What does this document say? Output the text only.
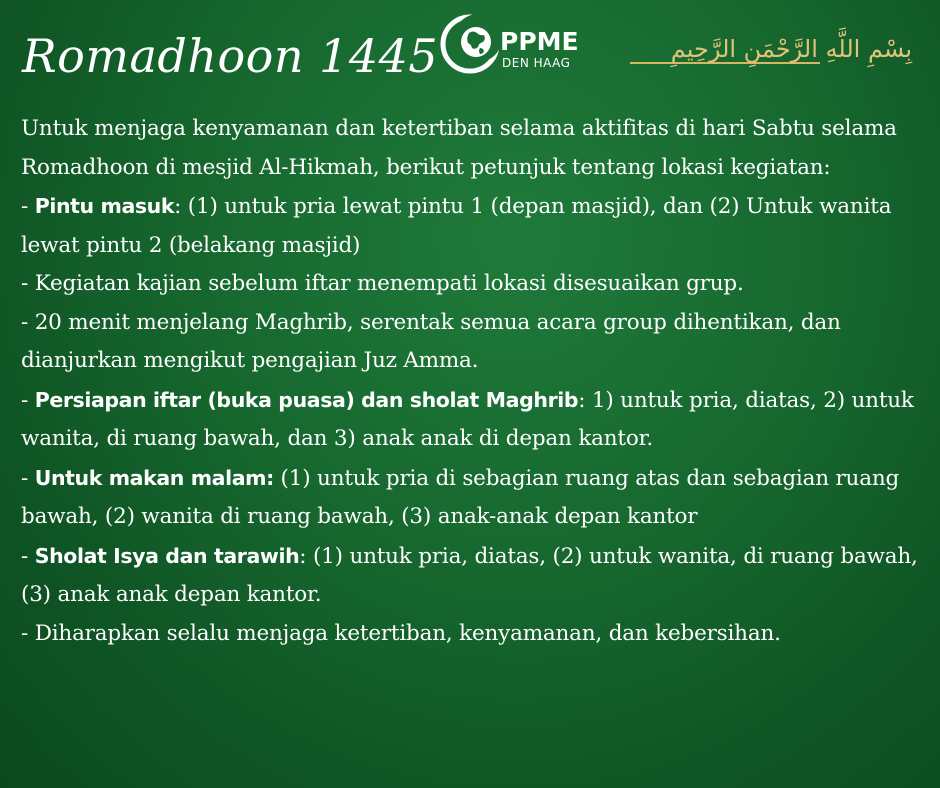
Romadhoon 1445 PPME
DEN HAAG	بِسْمِ اللَّهِ الرَّحْمَنِ الرَّحِيمِ

Untuk menjaga kenyamanan dan ketertiban selama aktifitas di hari Sabtu selama Romadhoon di mesjid Al-Hikmah, berikut petunjuk tentang lokasi kegiatan:

- Pintu masuk: (1) untuk pria lewat pintu 1 (depan masjid), dan (2) Untuk wanita lewat pintu 2 (belakang masjid)

- Kegiatan kajian sebelum iftar menempati lokasi disesuaikan grup.

- 20 menit menjelang Maghrib, serentak semua acara group dihentikan, dan dianjurkan mengikut pengajian Juz Amma.

- Persiapan iftar (buka puasa) dan sholat Maghrib: 1) untuk pria, diatas, 2) untuk wanita, di ruang bawah, dan 3) anak anak di depan kantor.

- Untuk makan malam: (1) untuk pria di sebagian ruang atas dan sebagian ruang bawah, (2) wanita di ruang bawah, (3) anak-anak depan kantor

- Sholat Isya dan tarawih: (1) untuk pria, diatas, (2) untuk wanita, di ruang bawah, (3) anak anak depan kantor.

- Diharapkan selalu menjaga ketertiban, kenyamanan, dan kebersihan.
